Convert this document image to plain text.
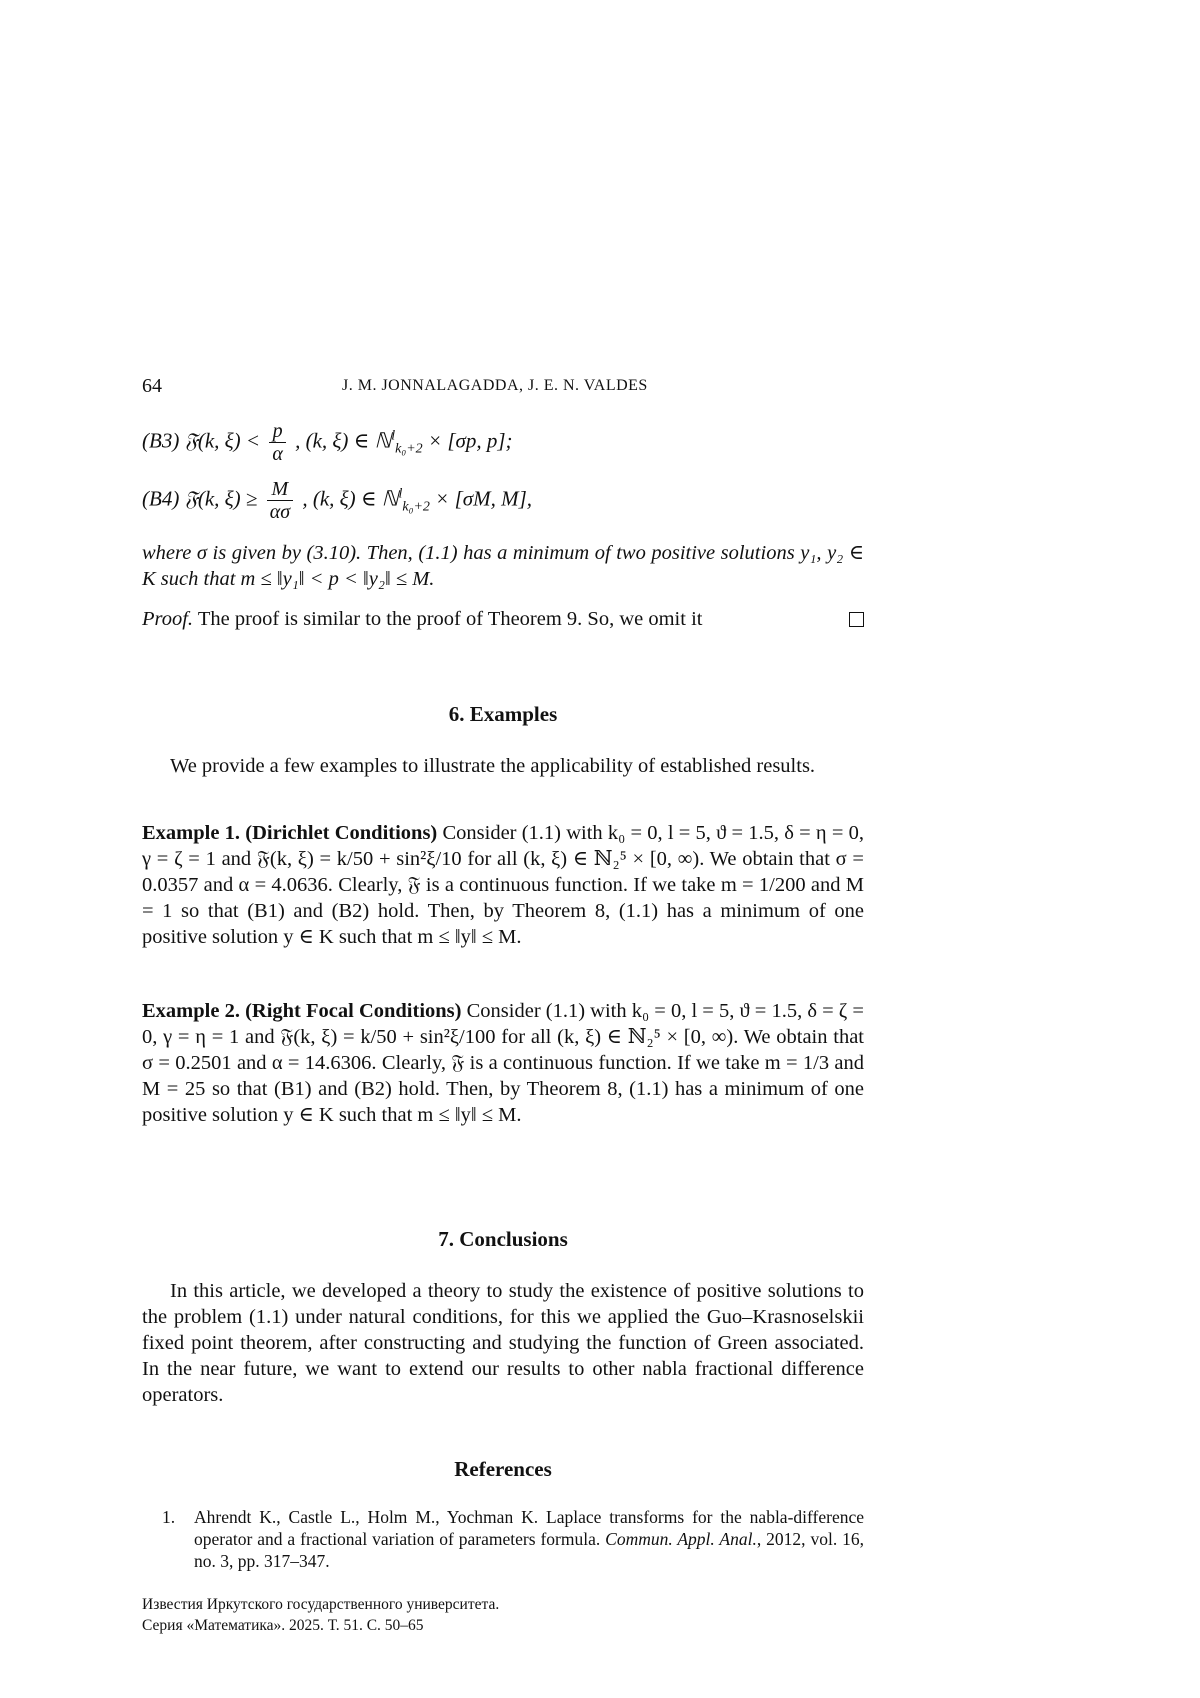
64	J. M. JONNALAGADDA, J. E. N. VALDES
(B3) 𝔉(k, $\xi) < \frac{p}{\alpha}$ , (k, ξ) ∈ ℕ$^l_{k_0+2}$ × [σp, p];
(B4) 𝔉(k, $\xi) \ge \frac{M}{\alpha\sigma}$ , (k, ξ) ∈ ℕ$^l_{k_0+2}$ × [σM, M],
where σ is given by (3.10). Then, (1.1) has a minimum of two positive solutions y₁, y₂ ∈ K such that m ≤ ‖y₁‖ < p < ‖y₂‖ ≤ M.
Proof. The proof is similar to the proof of Theorem 9. So, we omit it
6. Examples
We provide a few examples to illustrate the applicability of established results.
Example 1. (Dirichlet Conditions) Consider (1.1) with k₀ = 0, l = 5, ϑ = 1.5, δ = η = 0, γ = ζ = 1 and 𝔉(k, ξ) = k/50 + sin²ξ/10 for all (k, ξ) ∈ ℕ₂⁵ × [0, ∞). We obtain that σ = 0.0357 and α = 4.0636. Clearly, 𝔉 is a continuous function. If we take m = 1/200 and M = 1 so that (B1) and (B2) hold. Then, by Theorem 8, (1.1) has a minimum of one positive solution y ∈ K such that m ≤ ‖y‖ ≤ M.
Example 2. (Right Focal Conditions) Consider (1.1) with k₀ = 0, l = 5, ϑ = 1.5, δ = ζ = 0, γ = η = 1 and 𝔉(k, ξ) = k/50 + sin²ξ/100 for all (k, ξ) ∈ ℕ₂⁵ × [0, ∞). We obtain that σ = 0.2501 and α = 14.6306. Clearly, 𝔉 is a continuous function. If we take m = 1/3 and M = 25 so that (B1) and (B2) hold. Then, by Theorem 8, (1.1) has a minimum of one positive solution y ∈ K such that m ≤ ‖y‖ ≤ M.
7. Conclusions
In this article, we developed a theory to study the existence of positive solutions to the problem (1.1) under natural conditions, for this we applied the Guo–Krasnoselskii fixed point theorem, after constructing and studying the function of Green associated. In the near future, we want to extend our results to other nabla fractional difference operators.
References
1. Ahrendt K., Castle L., Holm M., Yochman K. Laplace transforms for the nabla-difference operator and a fractional variation of parameters formula. Commun. Appl. Anal., 2012, vol. 16, no. 3, pp. 317–347.
Известия Иркутского государственного университета.
Серия «Математика». 2025. Т. 51. С. 50–65
